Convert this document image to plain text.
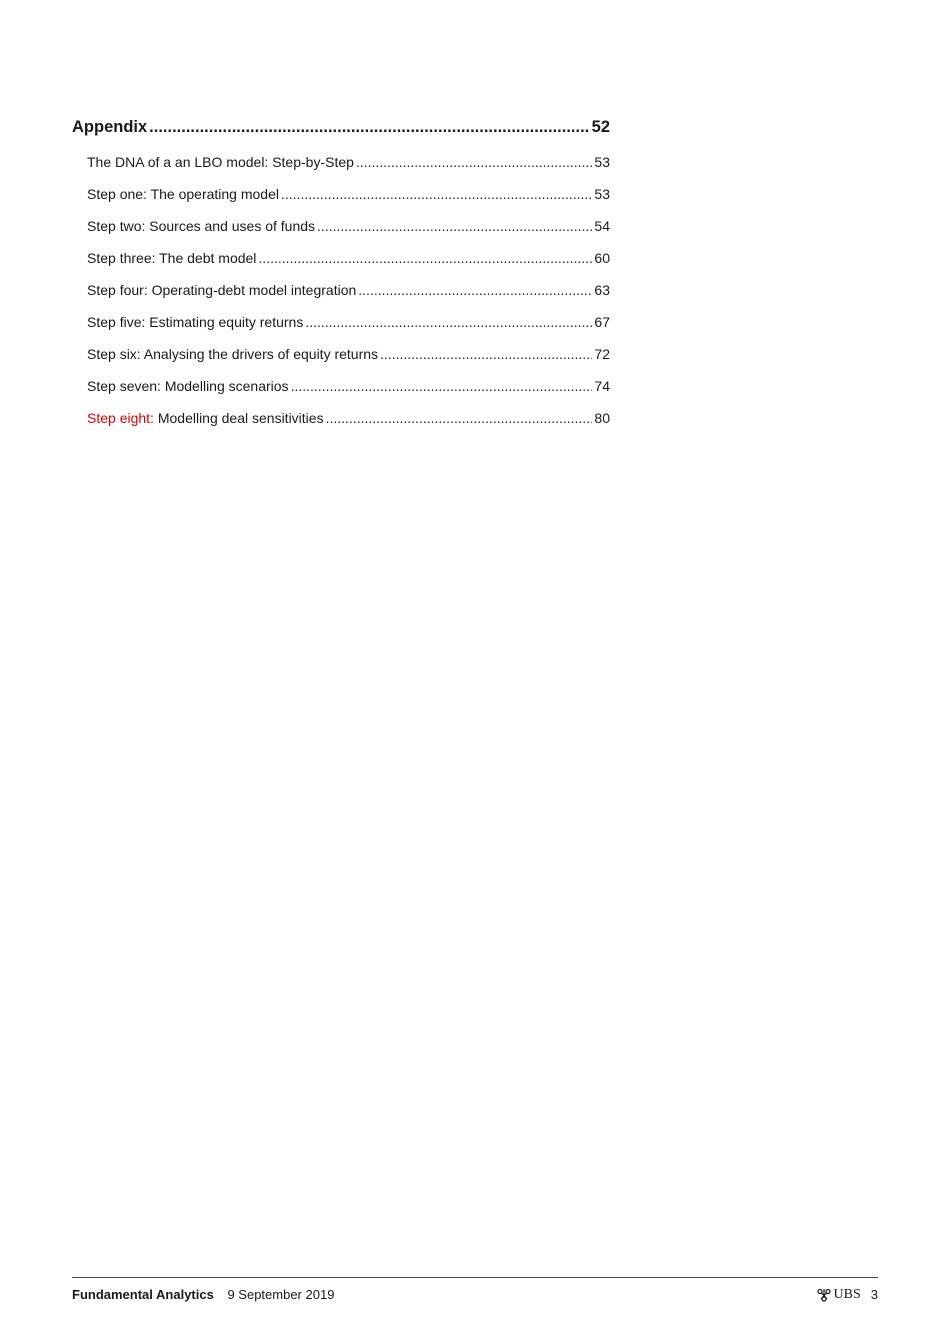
Appendix .....	52
The DNA of a an LBO model: Step-by-Step .....	53
Step one: The operating model .....	53
Step two: Sources and uses of funds .....	54
Step three: The debt model .....	60
Step four: Operating-debt model integration .....	63
Step five: Estimating equity returns .....	67
Step six: Analysing the drivers of equity returns .....	72
Step seven: Modelling scenarios .....	74
Step eight: Modelling deal sensitivities .....	80
Fundamental Analytics 9 September 2019	UBS 3
